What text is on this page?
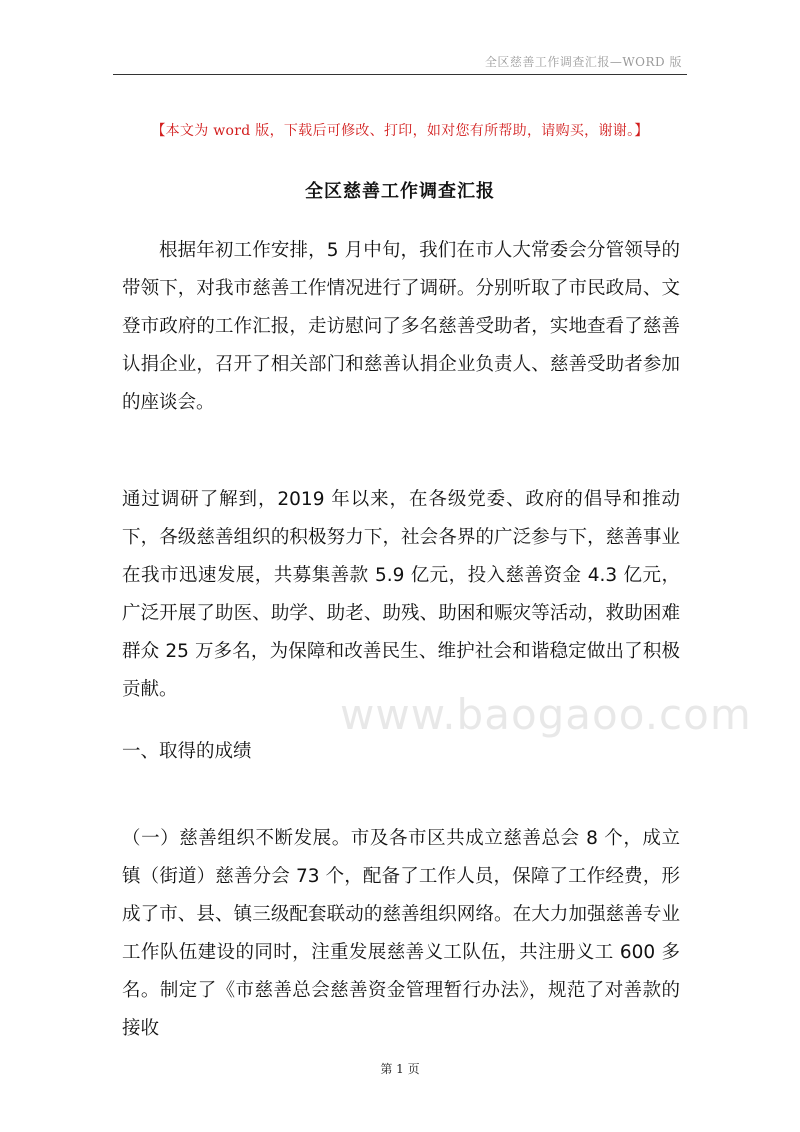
全区慈善工作调查汇报—WORD 版
【本文为 word 版，下载后可修改、打印，如对您有所帮助，请购买，谢谢。】
全区慈善工作调查汇报

根据年初工作安排，5 月中旬，我们在市人大常委会分管领导的带领下，对我市慈善工作情况进行了调研。分别听取了市民政局、文登市政府的工作汇报，走访慰问了多名慈善受助者，实地查看了慈善认捐企业，召开了相关部门和慈善认捐企业负责人、慈善受助者参加的座谈会。

通过调研了解到，2019 年以来，在各级党委、政府的倡导和推动下，各级慈善组织的积极努力下，社会各界的广泛参与下，慈善事业在我市迅速发展，共募集善款 5.9 亿元，投入慈善资金 4.3 亿元，广泛开展了助医、助学、助老、助残、助困和赈灾等活动，救助困难群众 25 万多名，为保障和改善民生、维护社会和谐稳定做出了积极贡献。

一、取得的成绩

（一）慈善组织不断发展。市及各市区共成立慈善总会 8 个，成立镇（街道）慈善分会 73 个，配备了工作人员，保障了工作经费，形成了市、县、镇三级配套联动的慈善组织网络。在大力加强慈善专业工作队伍建设的同时，注重发展慈善义工队伍，共注册义工 600 多名。制定了《市慈善总会慈善资金管理暂行办法》，规范了对善款的接收

www.baogaoo.com
第 1 页
